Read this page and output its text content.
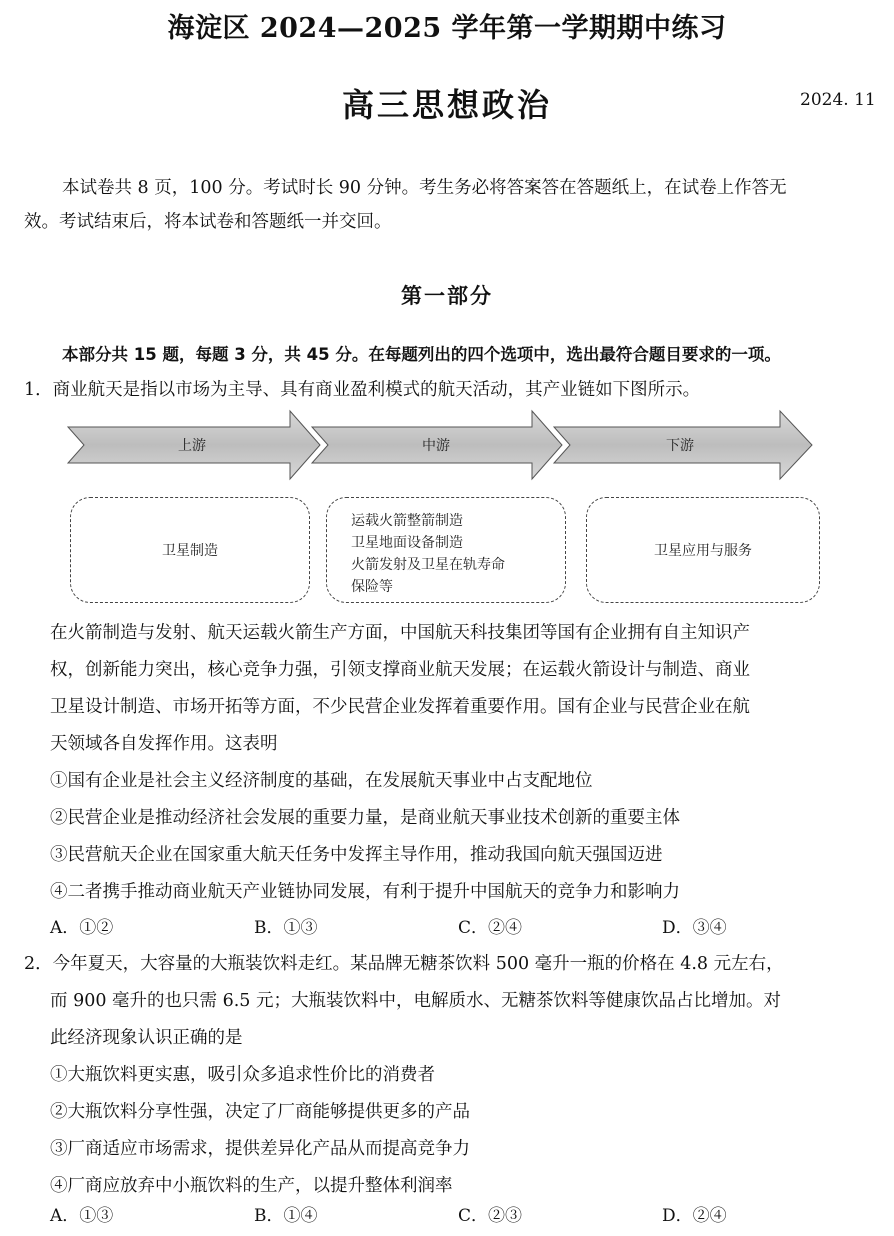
海淀区 2024—2025 学年第一学期期中练习
高三思想政治	2024. 11
本试卷共 8 页，100 分。考试时长 90 分钟。考生务必将答案答在答题纸上，在试卷上作答无
效。考试结束后，将本试卷和答题纸一并交回。
第一部分
本部分共 15 题，每题 3 分，共 45 分。在每题列出的四个选项中，选出最符合题目要求的一项。
1．商业航天是指以市场为主导、具有商业盈利模式的航天活动，其产业链如下图所示。
上游	中游	下游
卫星制造
运载火箭整箭制造
卫星地面设备制造
火箭发射及卫星在轨寿命
保险等
卫星应用与服务
在火箭制造与发射、航天运载火箭生产方面，中国航天科技集团等国有企业拥有自主知识产
权，创新能力突出，核心竞争力强，引领支撑商业航天发展；在运载火箭设计与制造、商业
卫星设计制造、市场开拓等方面，不少民营企业发挥着重要作用。国有企业与民营企业在航
天领域各自发挥作用。这表明
①国有企业是社会主义经济制度的基础，在发展航天事业中占支配地位
②民营企业是推动经济社会发展的重要力量，是商业航天事业技术创新的重要主体
③民营航天企业在国家重大航天任务中发挥主导作用，推动我国向航天强国迈进
④二者携手推动商业航天产业链协同发展，有利于提升中国航天的竞争力和影响力
A．①②	B．①③	C．②④	D．③④
2．今年夏天，大容量的大瓶装饮料走红。某品牌无糖茶饮料 500 毫升一瓶的价格在 4.8 元左右，
而 900 毫升的也只需 6.5 元；大瓶装饮料中，电解质水、无糖茶饮料等健康饮品占比增加。对
此经济现象认识正确的是
①大瓶饮料更实惠，吸引众多追求性价比的消费者
②大瓶饮料分享性强，决定了厂商能够提供更多的产品
③厂商适应市场需求，提供差异化产品从而提高竞争力
④厂商应放弃中小瓶饮料的生产，以提升整体利润率
A．①③	B．①④	C．②③	D．②④
